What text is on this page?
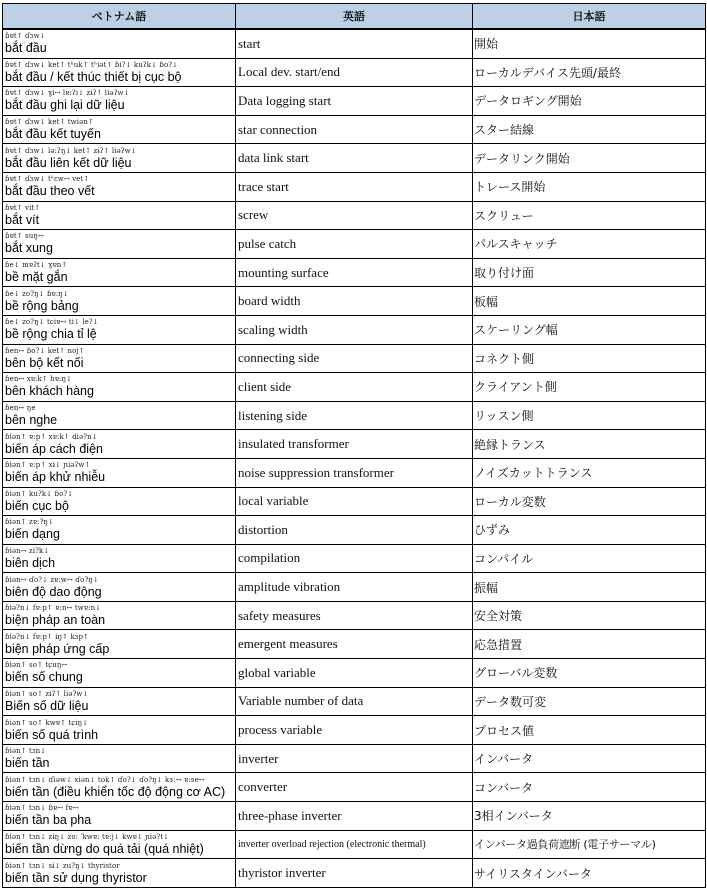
ベトナム語	英語	日本語

ɓɐt↑ ɗɜw↓
bắt đầu	start	開始

ɓɐt↑ ɗɜw↓ ket↑ tʰuk↑ tʰiət↑ ɓi?↓ kuʔk↓ ɓo?↓
bắt đầu / kết thúc thiết bị cục bộ	Local dev. start/end	ローカルデバイス先頭/最終

ɓɐt↑ ɗɜw↓ ɣi↔ lɐ:ʔi↓ zɨʔ↑ liəʔw↓
bắt đầu ghi lại dữ liệu	Data logging start	データロギング開始

ɓɐt↑ ɗɜw↓ ket↑ twiən↑
bắt đầu kết tuyến	star connection	スター結線

ɓɐt↑ ɗɜw↓ lə:ʔŋ↓ ket↑ zɨʔ↑ liəʔw↓
bắt đầu liên kết dữ liệu	data link start	データリンク開始

ɓɐt↑ ɗɜw↓ tʰɛw↔ vet↑
bắt đầu theo vết	trace start	トレース開始

ɓɐt↑ vit↑
bắt vít	screw	スクリュー

ɓɐt↑ suŋ↔
bắt xung	pulse catch	パルスキャッチ

ɓe↓ mɐʔt↓ ɣɐn↑
bề mặt gắn	mounting surface	取り付け面

ɓe↓ zo?ŋ↓ ɓɐ:ŋ↓
bề rộng bảng	board width	板幅

ɓe↓ zo?ŋ↓ tɕiɐ↔ ti↓ le?↓
bề rộng chia tỉ lệ	scaling width	スケーリング幅

ɓen↔ ɓo?↓ ket↑ noj↑
bên bộ kết nối	connecting side	コネクト側

ɓen↔ xɐ:k↑ hɐ:ŋ↓
bên khách hàng	client side	クライアント側

ɓen↔ ŋe
bên nghe	listening side	リッスン側

ɓiən↑ ɐ:p↑ xɐ:k↑ diə?n↓
biến áp cách điện	insulated transformer	絶縁トランス

ɓiən↑ ɐ:p↑ xɨ↓ ɲiəʔw↑
biến áp khử nhiễu	noise suppression transformer	ノイズカットトランス

ɓiən↑ ku?k↓ ɓo?↓
biến cục bộ	local variable	ローカル変数

ɓiən↑ zɐ:?ŋ↓
biến dạng	distortion	ひずみ

ɓiən↔ zi?k↓
biên dịch	compilation	コンパイル

ɓiən↔ ɗo?↓ zɐ:w↔ ɗo?ŋ↓
biên độ dao động	amplitude vibration	振幅

ɓiə?n↓ fɐ:p↑ ɐ:n↔ twɐ:n↓
biện pháp an toàn	safety measures	安全対策

ɓiə?n↓ fɐ:p↑ ɨŋ↑ kɜp↑
biện pháp ứng cấp	emergent measures	応急措置

ɓiən↑ so↑ tɕuŋ↔
biến số chung	global variable	グローバル変数

ɓiən↑ so↑ zɨʔ↑ liə?w↓
Biến số dữ liệu	Variable number of data	データ数可変

ɓiən↑ so↑ kwɐ↑ tɕiŋ↓
biến số quá trình	process variable	プロセス値

ɓiən↑ tɜn↓
biến tần	inverter	インバータ

ɓiən↑ tɜn↓ ɗiəw↓ xiən↓ tok↑ ɗo?↓ ɗo?ŋ↓ kɤ:↔ ɐ:se↔
biến tần (điều khiển tốc độ động cơ AC)	converter	コンバータ

ɓiən↑ tɜn↓ ɓɐ↔ fɐ↔
biến tần ba pha	three-phase inverter	3相インバータ

ɓiən↑ tɜn↓ zɨŋ↓ zo: ˈkwɐ: tɐ:j↓ kwɐ↓ ɲiə?t↓
biến tần dừng do quá tải (quá nhiệt)	inverter overload rejection (electronic thermal)	インバータ過負荷遮断 (電子サーマル)

ɓiən↑ tɜn↓ sɨ↓ zu?ŋ↓ thyristor
biến tần sử dụng thyristor	thyristor inverter	サイリスタインバータ
